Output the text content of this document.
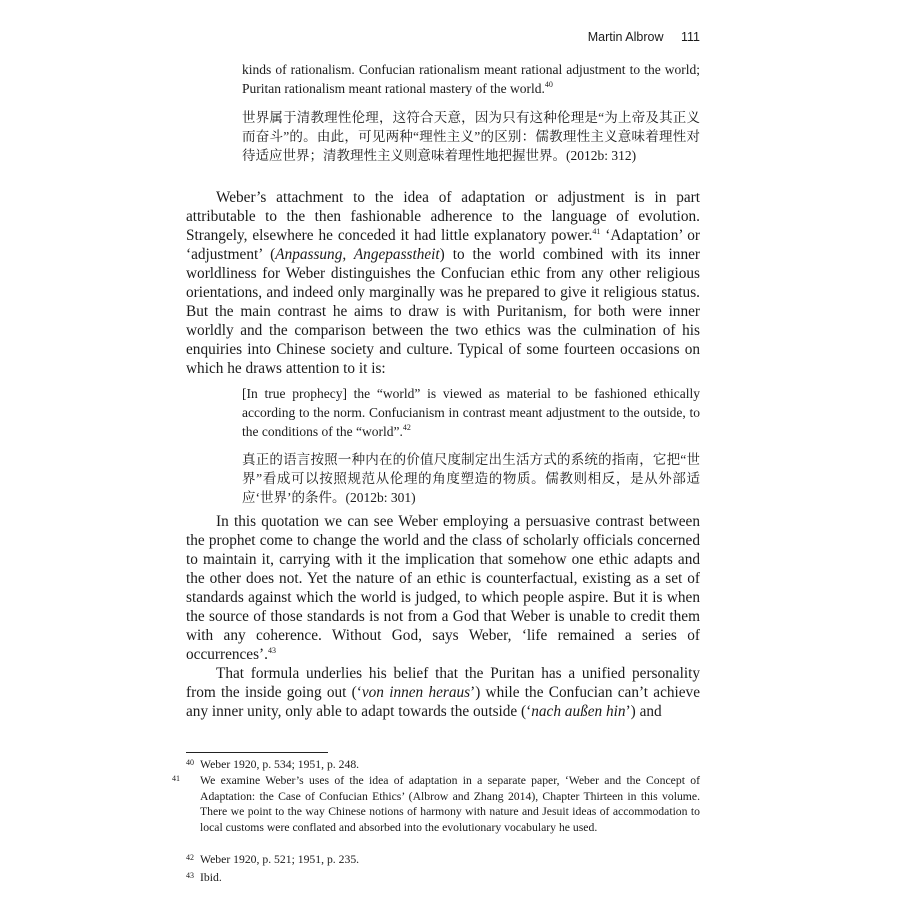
Martin Albrow 111

kinds of rationalism. Confucian rationalism meant rational adjustment to the world; Puritan rationalism meant rational mastery of the world.$^{40}$

世界属于清教理性伦理，这符合天意，因为只有这种伦理是“为上帝及其正义而奋斗”的。由此，可见两种“理性主义”的区别：儒教理性主义意味着理性对待适应世界；清教理性主义则意味着理性地把握世界。(2012b: 312)

Weber’s attachment to the idea of adaptation or adjustment is in part attributable to the then fashionable adherence to the language of evolution. Strangely, elsewhere he conceded it had little explanatory power.$^{41}$ ‘Adaptation’ or ‘adjustment’ (Anpassung, Angepasstheit) to the world combined with its inner worldliness for Weber distinguishes the Confucian ethic from any other religious orientations, and indeed only marginally was he prepared to give it religious status. But the main contrast he aims to draw is with Puritanism, for both were inner worldly and the comparison between the two ethics was the culmination of his enquiries into Chinese society and culture. Typical of some fourteen occasions on which he draws attention to it is:

[In true prophecy] the “world” is viewed as material to be fashioned ethically according to the norm. Confucianism in contrast meant adjustment to the outside, to the conditions of the “world”.$^{42}$

真正的语言按照一种内在的价值尺度制定出生活方式的系统的指南，它把“世界”看成可以按照规范从伦理的角度塑造的物质。儒教则相反，是从外部适应‘世界’的条件。(2012b: 301)

In this quotation we can see Weber employing a persuasive contrast between the prophet come to change the world and the class of scholarly officials concerned to maintain it, carrying with it the implication that somehow one ethic adapts and the other does not. Yet the nature of an ethic is counterfactual, existing as a set of standards against which the world is judged, to which people aspire. But it is when the source of those standards is not from a God that Weber is unable to credit them with any coherence. Without God, says Weber, ‘life remained a series of occurrences’.$^{43}$

That formula underlies his belief that the Puritan has a unified personality from the inside going out (‘von innen heraus’) while the Confucian can’t achieve any inner unity, only able to adapt towards the outside (‘nach außen hin’) and

40 Weber 1920, p. 534; 1951, p. 248.

41 We examine Weber’s uses of the idea of adaptation in a separate paper, ‘Weber and the Concept of Adaptation: the Case of Confucian Ethics’ (Albrow and Zhang 2014), Chapter Thirteen in this volume. There we point to the way Chinese notions of harmony with nature and Jesuit ideas of accommodation to local customs were conflated and absorbed into the evolutionary vocabulary he used.

42 Weber 1920, p. 521; 1951, p. 235.

43 Ibid.
